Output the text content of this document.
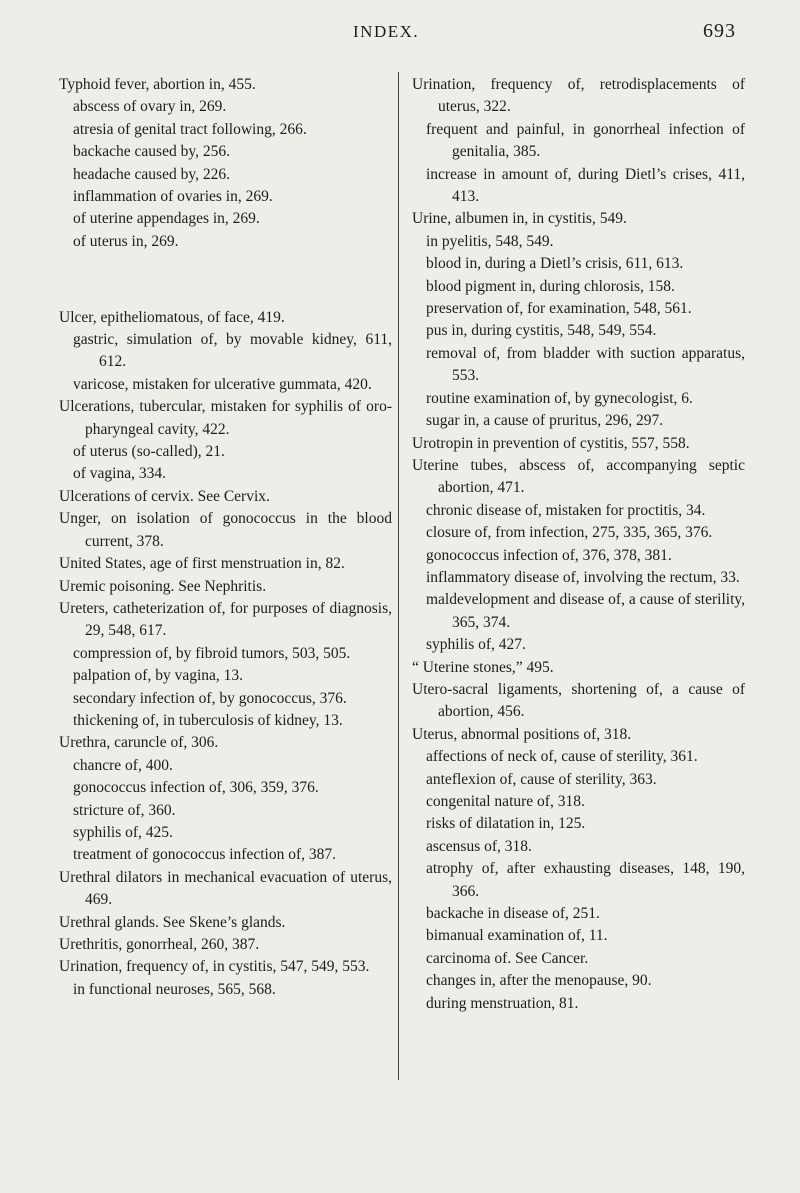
INDEX.	693

Typhoid fever, abortion in, 455.

abscess of ovary in, 269.

atresia of genital tract following, 266.

backache caused by, 256.

headache caused by, 226.

inflammation of ovaries in, 269.

of uterine appendages in, 269.

of uterus in, 269.

Ulcer, epitheliomatous, of face, 419.

gastric, simulation of, by movable kidney, 611, 612.

varicose, mistaken for ulcerative gummata, 420.

Ulcerations, tubercular, mistaken for syphilis of oro-pharyngeal cavity, 422.

of uterus (so-called), 21.

of vagina, 334.

Ulcerations of cervix. See Cervix.

Unger, on isolation of gonococcus in the blood current, 378.

United States, age of first menstruation in, 82.

Uremic poisoning. See Nephritis.

Ureters, catheterization of, for purposes of diagnosis, 29, 548, 617.

compression of, by fibroid tumors, 503, 505.

palpation of, by vagina, 13.

secondary infection of, by gonococcus, 376.

thickening of, in tuberculosis of kidney, 13.

Urethra, caruncle of, 306.

chancre of, 400.

gonococcus infection of, 306, 359, 376.

stricture of, 360.

syphilis of, 425.

treatment of gonococcus infection of, 387.

Urethral dilators in mechanical evacuation of uterus, 469.

Urethral glands. See Skene’s glands.

Urethritis, gonorrheal, 260, 387.

Urination, frequency of, in cystitis, 547, 549, 553.

in functional neuroses, 565, 568.

Urination, frequency of, retrodisplacements of uterus, 322.

frequent and painful, in gonorrheal infection of genitalia, 385.

increase in amount of, during Dietl’s crises, 411, 413.

Urine, albumen in, in cystitis, 549.

in pyelitis, 548, 549.

blood in, during a Dietl’s crisis, 611, 613.

blood pigment in, during chlorosis, 158.

preservation of, for examination, 548, 561.

pus in, during cystitis, 548, 549, 554.

removal of, from bladder with suction apparatus, 553.

routine examination of, by gynecologist, 6.

sugar in, a cause of pruritus, 296, 297.

Urotropin in prevention of cystitis, 557, 558.

Uterine tubes, abscess of, accompanying septic abortion, 471.

chronic disease of, mistaken for proctitis, 34.

closure of, from infection, 275, 335, 365, 376.

gonococcus infection of, 376, 378, 381.

inflammatory disease of, involving the rectum, 33.

maldevelopment and disease of, a cause of sterility, 365, 374.

syphilis of, 427.

“ Uterine stones,” 495.

Utero-sacral ligaments, shortening of, a cause of abortion, 456.

Uterus, abnormal positions of, 318.

affections of neck of, cause of sterility, 361.

anteflexion of, cause of sterility, 363.

congenital nature of, 318.

risks of dilatation in, 125.

ascensus of, 318.

atrophy of, after exhausting diseases, 148, 190, 366.

backache in disease of, 251.

bimanual examination of, 11.

carcinoma of. See Cancer.

changes in, after the menopause, 90.

during menstruation, 81.
